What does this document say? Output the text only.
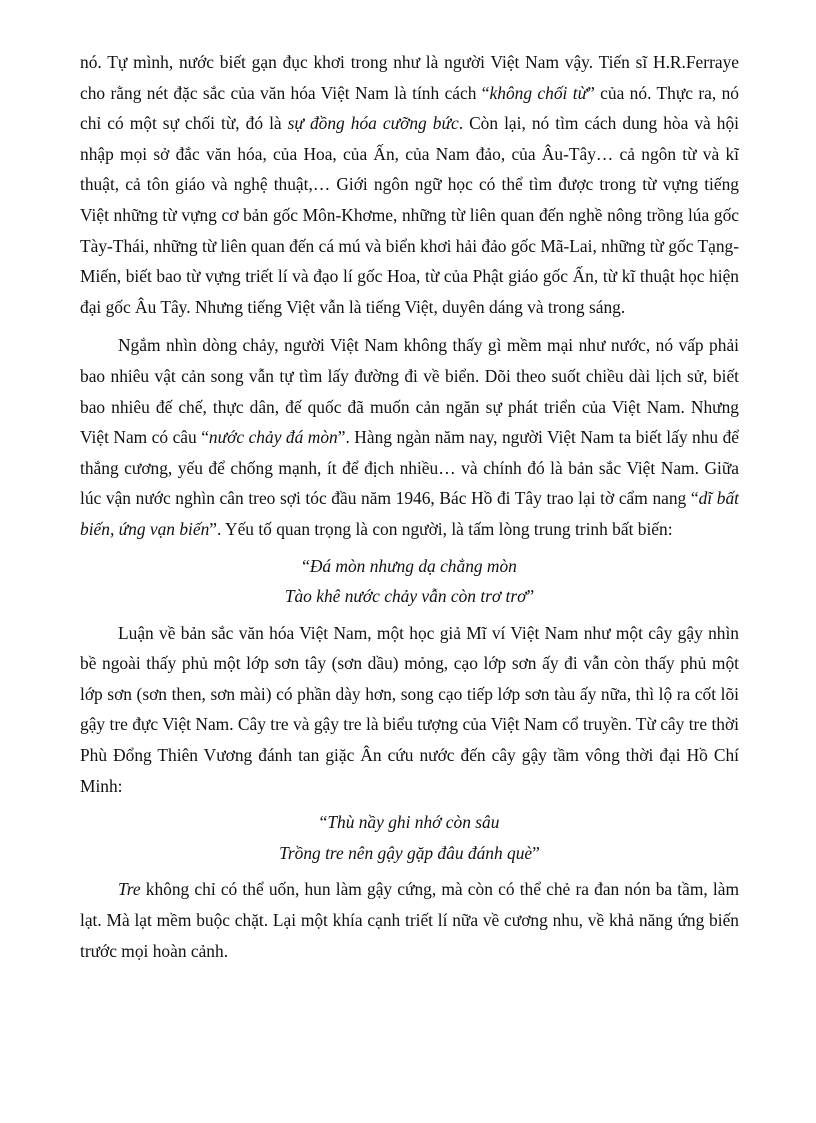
nó. Tự mình, nước biết gạn đục khơi trong như là người Việt Nam vậy. Tiến sĩ H.R.Ferraye cho rằng nét đặc sắc của văn hóa Việt Nam là tính cách “không chối từ” của nó. Thực ra, nó chỉ có một sự chối từ, đó là sự đồng hóa cưỡng bức. Còn lại, nó tìm cách dung hòa và hội nhập mọi sở đắc văn hóa, của Hoa, của Ấn, của Nam đảo, của Âu-Tây… cả ngôn từ và kĩ thuật, cả tôn giáo và nghệ thuật,… Giới ngôn ngữ học có thể tìm được trong từ vựng tiếng Việt những từ vựng cơ bản gốc Môn-Khơme, những từ liên quan đến nghề nông trồng lúa gốc Tày-Thái, những từ liên quan đến cá mú và biển khơi hải đảo gốc Mã-Lai, những từ gốc Tạng-Miến, biết bao từ vựng triết lí và đạo lí gốc Hoa, từ của Phật giáo gốc Ấn, từ kĩ thuật học hiện đại gốc Âu Tây. Nhưng tiếng Việt vẫn là tiếng Việt, duyên dáng và trong sáng.

Ngắm nhìn dòng chảy, người Việt Nam không thấy gì mềm mại như nước, nó vấp phải bao nhiêu vật cản song vẫn tự tìm lấy đường đi về biển. Dõi theo suốt chiều dài lịch sử, biết bao nhiêu đế chế, thực dân, đế quốc đã muốn cản ngăn sự phát triển của Việt Nam. Nhưng Việt Nam có câu “nước chảy đá mòn”. Hàng ngàn năm nay, người Việt Nam ta biết lấy nhu để thắng cương, yếu để chống mạnh, ít để địch nhiều… và chính đó là bản sắc Việt Nam. Giữa lúc vận nước nghìn cân treo sợi tóc đầu năm 1946, Bác Hồ đi Tây trao lại tờ cẩm nang “dĩ bất biến, ứng vạn biến”. Yếu tố quan trọng là con người, là tấm lòng trung trinh bất biến:

“Đá mòn nhưng dạ chẳng mòn
Tào khê nước chảy vẫn còn trơ trơ”

Luận về bản sắc văn hóa Việt Nam, một học giả Mĩ ví Việt Nam như một cây gậy nhìn bề ngoài thấy phủ một lớp sơn tây (sơn dầu) mỏng, cạo lớp sơn ấy đi vẫn còn thấy phủ một lớp sơn (sơn then, sơn mài) có phần dày hơn, song cạo tiếp lớp sơn tàu ấy nữa, thì lộ ra cốt lõi gậy tre đực Việt Nam. Cây tre và gậy tre là biểu tượng của Việt Nam cổ truyền. Từ cây tre thời Phù Đổng Thiên Vương đánh tan giặc Ân cứu nước đến cây gậy tầm vông thời đại Hồ Chí Minh:

“Thù nầy ghi nhớ còn sâu
Trồng tre nên gậy gặp đâu đánh què”

Tre không chỉ có thể uốn, hun làm gậy cứng, mà còn có thể chẻ ra đan nón ba tầm, làm lạt. Mà lạt mềm buộc chặt. Lại một khía cạnh triết lí nữa về cương nhu, về khả năng ứng biến trước mọi hoàn cảnh.
